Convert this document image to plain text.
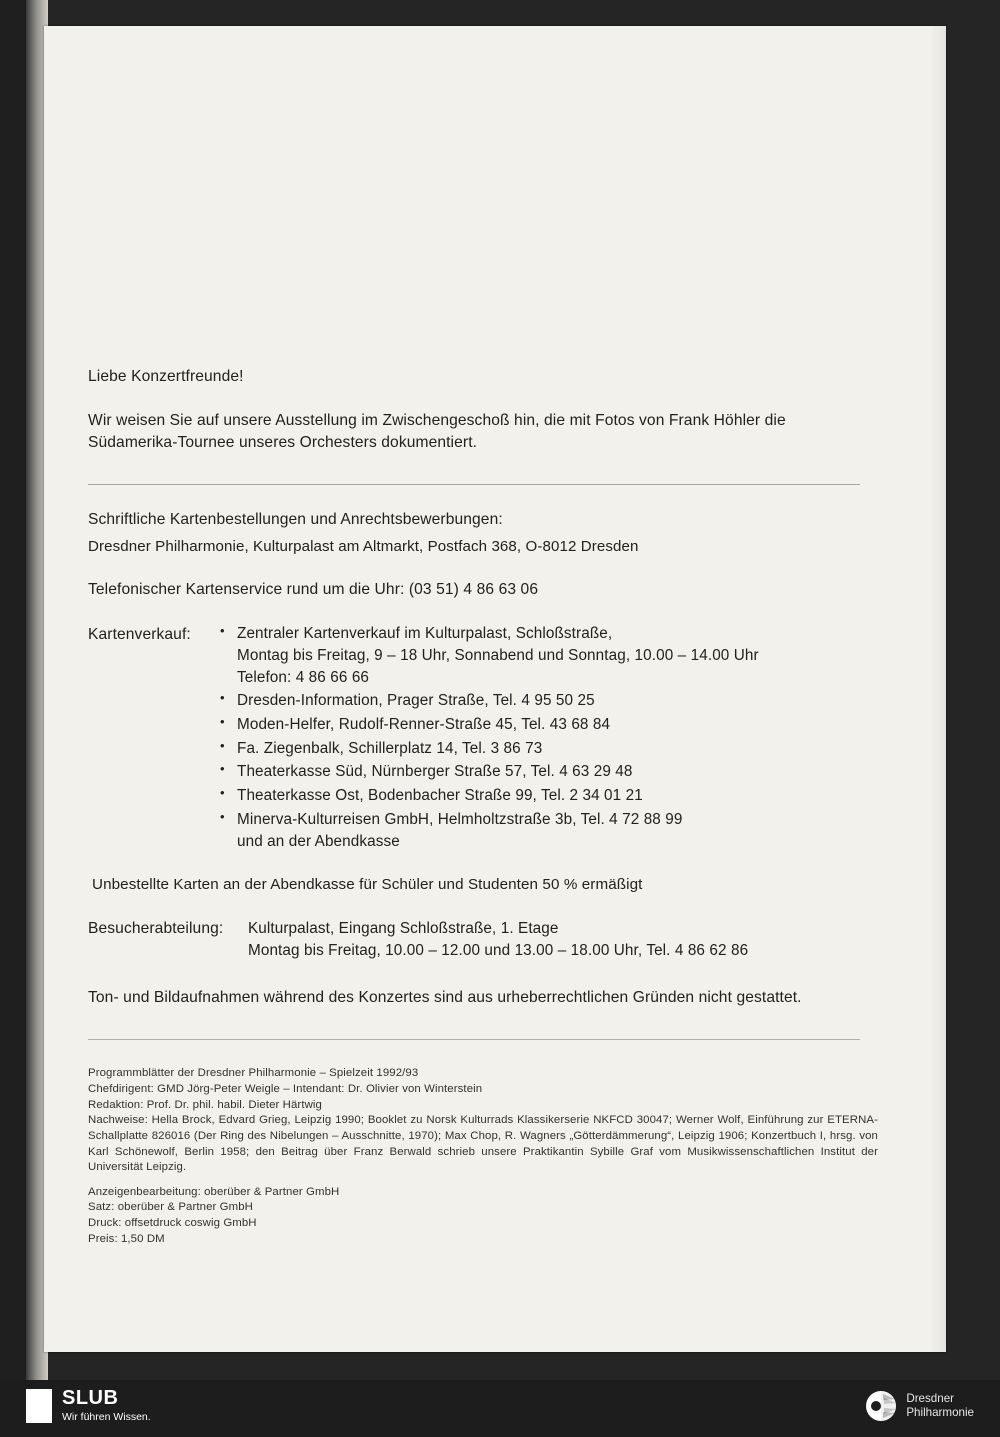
Liebe Konzertfreunde!
Wir weisen Sie auf unsere Ausstellung im Zwischengeschoß hin, die mit Fotos von Frank Höhler die Südamerika-Tournee unseres Orchesters dokumentiert.
Schriftliche Kartenbestellungen und Anrechtsbewerbungen:
Dresdner Philharmonie, Kulturpalast am Altmarkt, Postfach 368, O-8012 Dresden
Telefonischer Kartenservice rund um die Uhr: (03 51) 4 86 63 06
Kartenverkauf:	• Zentraler Kartenverkauf im Kulturpalast, Schloßstraße,
Montag bis Freitag, 9 – 18 Uhr, Sonnabend und Sonntag, 10.00 – 14.00 Uhr
Telefon: 4 86 66 66
• Dresden-Information, Prager Straße, Tel. 4 95 50 25
• Moden-Helfer, Rudolf-Renner-Straße 45, Tel. 43 68 84
• Fa. Ziegenbalk, Schillerplatz 14, Tel. 3 86 73
• Theaterkasse Süd, Nürnberger Straße 57, Tel. 4 63 29 48
• Theaterkasse Ost, Bodenbacher Straße 99, Tel. 2 34 01 21
• Minerva-Kulturreisen GmbH, Helmholtzstraße 3b, Tel. 4 72 88 99
und an der Abendkasse
Unbestellte Karten an der Abendkasse für Schüler und Studenten 50 % ermäßigt
Besucherabteilung:	Kulturpalast, Eingang Schloßstraße, 1. Etage
Montag bis Freitag, 10.00 – 12.00 und 13.00 – 18.00 Uhr, Tel. 4 86 62 86
Ton- und Bildaufnahmen während des Konzertes sind aus urheberrechtlichen Gründen nicht gestattet.

Programmblätter der Dresdner Philharmonie – Spielzeit 1992/93

Chefdirigent: GMD Jörg-Peter Weigle – Intendant: Dr. Olivier von Winterstein

Redaktion: Prof. Dr. phil. habil. Dieter Härtwig

Nachweise: Hella Brock, Edvard Grieg, Leipzig 1990; Booklet zu Norsk Kulturrads Klassikerserie NKFCD 30047; Werner Wolf, Einführung zur ETERNA-Schallplatte 826016 (Der Ring des Nibelungen – Ausschnitte, 1970); Max Chop, R. Wagners „Götterdämmerung“, Leipzig 1906; Konzertbuch I, hrsg. von Karl Schönewolf, Berlin 1958; den Beitrag über Franz Berwald schrieb unsere Praktikantin Sybille Graf vom Musikwissenschaftlichen Institut der Universität Leipzig.

Anzeigenbearbeitung: oberüber & Partner GmbH

Satz: oberüber & Partner GmbH

Druck: offsetdruck coswig GmbH

Preis: 1,50 DM

SLUB
Wir führen Wissen.
Dresdner
Philharmonie
